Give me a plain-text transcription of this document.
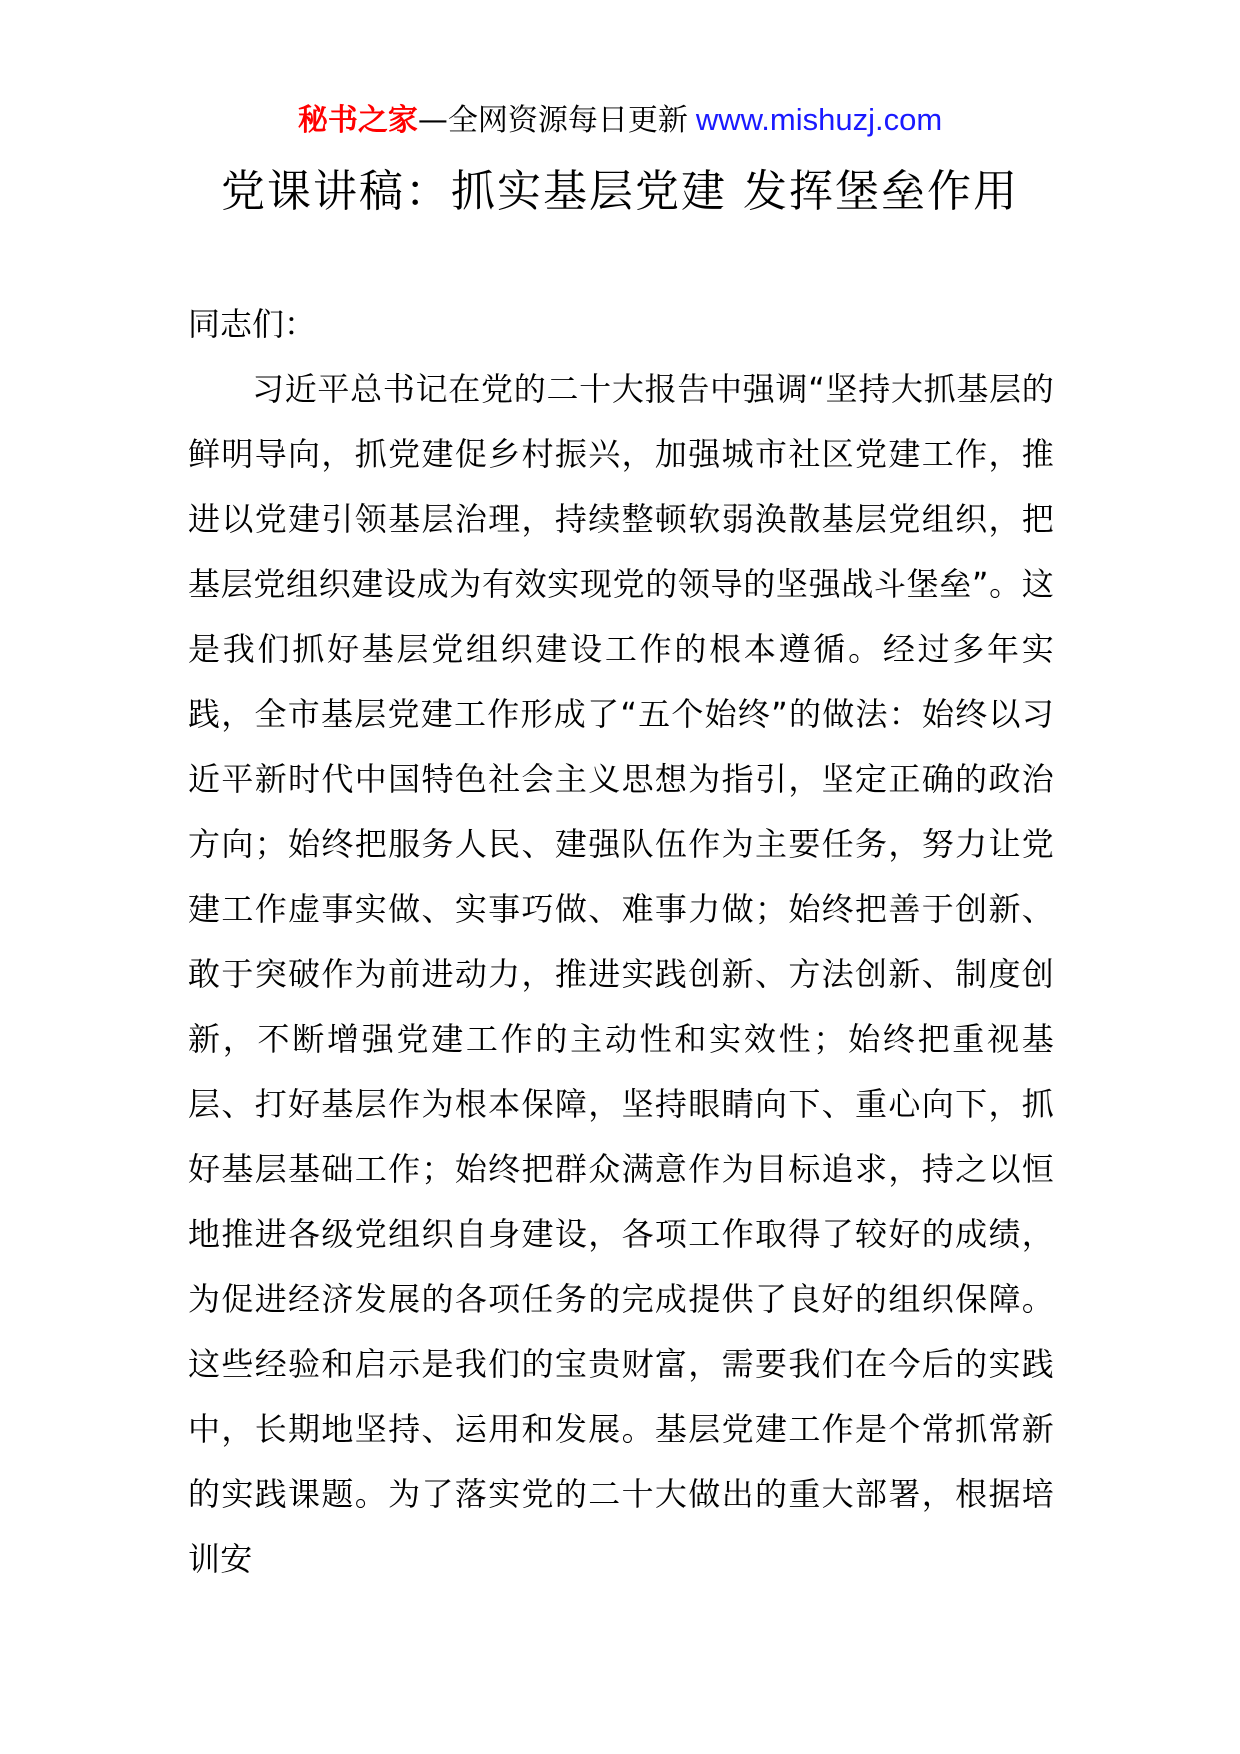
秘书之家—全网资源每日更新 www.mishuzj.com
党课讲稿：抓实基层党建 发挥堡垒作用

同志们：

习近平总书记在党的二十大报告中强调“坚持大抓基层的鲜明导向，抓党建促乡村振兴，加强城市社区党建工作，推进以党建引领基层治理，持续整顿软弱涣散基层党组织，把基层党组织建设成为有效实现党的领导的坚强战斗堡垒”。这是我们抓好基层党组织建设工作的根本遵循。经过多年实践，全市基层党建工作形成了“五个始终”的做法：始终以习近平新时代中国特色社会主义思想为指引，坚定正确的政治方向；始终把服务人民、建强队伍作为主要任务，努力让党建工作虚事实做、实事巧做、难事力做；始终把善于创新、敢于突破作为前进动力，推进实践创新、方法创新、制度创新，不断增强党建工作的主动性和实效性；始终把重视基层、打好基层作为根本保障，坚持眼睛向下、重心向下，抓好基层基础工作；始终把群众满意作为目标追求，持之以恒地推进各级党组织自身建设，各项工作取得了较好的成绩，为促进经济发展的各项任务的完成提供了良好的组织保障。这些经验和启示是我们的宝贵财富，需要我们在今后的实践中，长期地坚持、运用和发展。基层党建工作是个常抓常新的实践课题。为了落实党的二十大做出的重大部署，根据培训安
